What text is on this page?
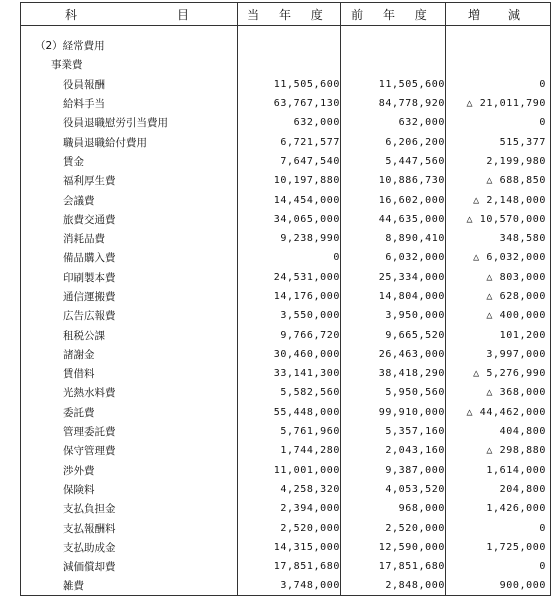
科　目	当 年 度	前 年 度	増　減

（2）経常費用			
事業費			
役員報酬	11,505,600	11,505,600	0
給料手当	63,767,130	84,778,920	△ 21,011,790
役員退職慰労引当費用	632,000	632,000	0
職員退職給付費用	6,721,577	6,206,200	515,377
賃金	7,647,540	5,447,560	2,199,980
福利厚生費	10,197,880	10,886,730	△ 688,850
会議費	14,454,000	16,602,000	△ 2,148,000
旅費交通費	34,065,000	44,635,000	△ 10,570,000
消耗品費	9,238,990	8,890,410	348,580
備品購入費	0	6,032,000	△ 6,032,000
印刷製本費	24,531,000	25,334,000	△ 803,000
通信運搬費	14,176,000	14,804,000	△ 628,000
広告広報費	3,550,000	3,950,000	△ 400,000
租税公課	9,766,720	9,665,520	101,200
諸謝金	30,460,000	26,463,000	3,997,000
賃借料	33,141,300	38,418,290	△ 5,276,990
光熱水料費	5,582,560	5,950,560	△ 368,000
委託費	55,448,000	99,910,000	△ 44,462,000
管理委託費	5,761,960	5,357,160	404,800
保守管理費	1,744,280	2,043,160	△ 298,880
渉外費	11,001,000	9,387,000	1,614,000
保険料	4,258,320	4,053,520	204,800
支払負担金	2,394,000	968,000	1,426,000
支払報酬料	2,520,000	2,520,000	0
支払助成金	14,315,000	12,590,000	1,725,000
減価償却費	17,851,680	17,851,680	0
雑費	3,748,000	2,848,000	900,000
